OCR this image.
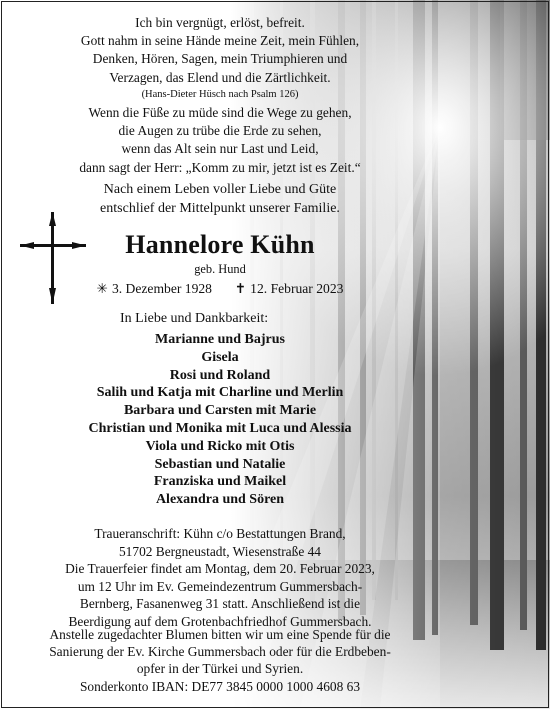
Ich bin vergnügt, erlöst, befreit.
Gott nahm in seine Hände meine Zeit, mein Fühlen,
Denken, Hören, Sagen, mein Triumphieren und
Verzagen, das Elend und die Zärtlichkeit.
(Hans-Dieter Hüsch nach Psalm 126)
Wenn die Füße zu müde sind die Wege zu gehen,
die Augen zu trübe die Erde zu sehen,
wenn das Alt sein nur Last und Leid,
dann sagt der Herr: „Komm zu mir, jetzt ist es Zeit.“
Nach einem Leben voller Liebe und Güte
entschlief der Mittelpunkt unserer Familie.
Hannelore Kühn
geb. Hund
✳ 3. Dezember 1928 ✝ 12. Februar 2023
In Liebe und Dankbarkeit:
Marianne und Bajrus
Gisela
Rosi und Roland
Salih und Katja mit Charline und Merlin
Barbara und Carsten mit Marie
Christian und Monika mit Luca und Alessia
Viola und Ricko mit Otis
Sebastian und Natalie
Franziska und Maikel
Alexandra und Sören
Traueranschrift: Kühn c/o Bestattungen Brand,
51702 Bergneustadt, Wiesenstraße 44
Die Trauerfeier findet am Montag, dem 20. Februar 2023,
um 12 Uhr im Ev. Gemeindezentrum Gummersbach-
Bernberg, Fasanenweg 31 statt. Anschließend ist die
Beerdigung auf dem Grotenbachfriedhof Gummersbach.
Anstelle zugedachter Blumen bitten wir um eine Spende für die
Sanierung der Ev. Kirche Gummersbach oder für die Erdbeben-
opfer in der Türkei und Syrien.
Sonderkonto IBAN: DE77 3845 0000 1000 4608 63
